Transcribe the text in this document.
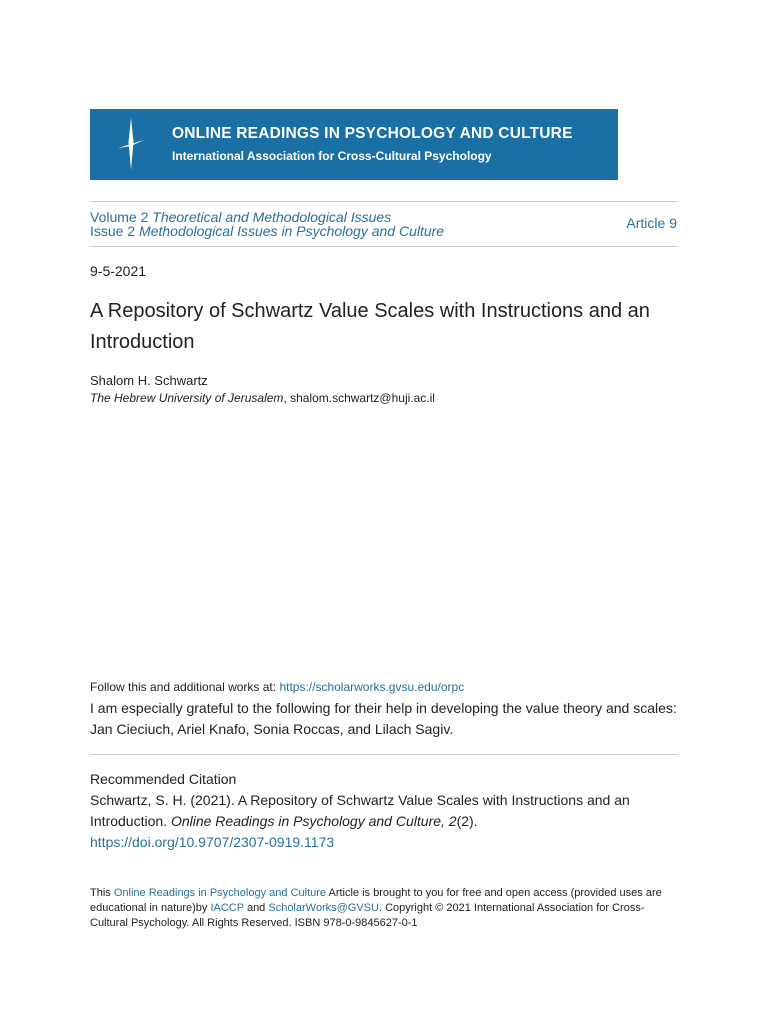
ONLINE READINGS IN PSYCHOLOGY AND CULTURE
International Association for Cross-Cultural Psychology
Volume 2 Theoretical and Methodological Issues
Issue 2 Methodological Issues in Psychology and Culture	Article 9
9-5-2021
A Repository of Schwartz Value Scales with Instructions and an Introduction
Shalom H. Schwartz
The Hebrew University of Jerusalem, shalom.schwartz@huji.ac.il
Follow this and additional works at: https://scholarworks.gvsu.edu/orpc
I am especially grateful to the following for their help in developing the value theory and scales: Jan Cieciuch, Ariel Knafo, Sonia Roccas, and Lilach Sagiv.
Recommended Citation
Schwartz, S. H. (2021). A Repository of Schwartz Value Scales with Instructions and an Introduction. Online Readings in Psychology and Culture, 2(2). https://doi.org/10.9707/2307-0919.1173
This Online Readings in Psychology and Culture Article is brought to you for free and open access (provided uses are educational in nature)by IACCP and ScholarWorks@GVSU. Copyright © 2021 International Association for Cross-Cultural Psychology. All Rights Reserved. ISBN 978-0-9845627-0-1
